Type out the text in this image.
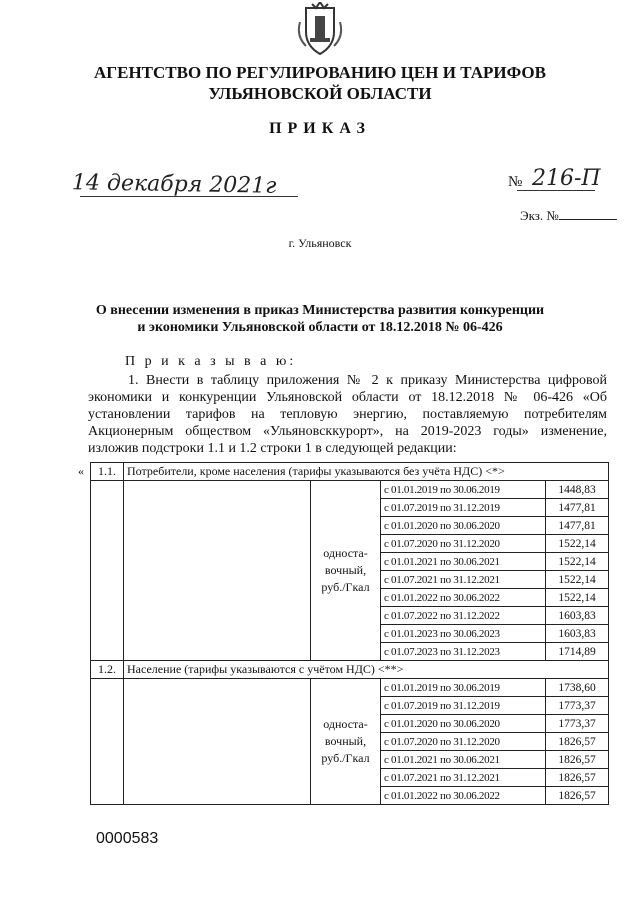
АГЕНТСТВО ПО РЕГУЛИРОВАНИЮ ЦЕН И ТАРИФОВ
УЛЬЯНОВСКОЙ ОБЛАСТИ
ПРИКАЗ
14 декабря 2021г	№ 216-П
Экз. №
г. Ульяновск
О внесении изменения в приказ Министерства развития конкуренции
и экономики Ульяновской области от 18.12.2018 № 06-426
П р и к а з ы в а ю:
1. Внести в таблицу приложения № 2 к приказу Министерства цифровой экономики и конкуренции Ульяновской области от 18.12.2018 № 06-426 «Об установлении тарифов на тепловую энергию, поставляемую потребителям Акционерным обществом «Ульяновсккурорт», на 2019-2023 годы» изменение, изложив подстроки 1.1 и 1.2 строки 1 в следующей редакции:
« 1.1.	Потребители, кроме населения (тарифы указываются без учёта НДС) <*>			
		односта-вочный, руб./Гкал	с 01.01.2019 по 30.06.2019	1448,83
			с 01.07.2019 по 31.12.2019	1477,81
			с 01.01.2020 по 30.06.2020	1477,81
			с 01.07.2020 по 31.12.2020	1522,14
			с 01.01.2021 по 30.06.2021	1522,14
			с 01.07.2021 по 31.12.2021	1522,14
			с 01.01.2022 по 30.06.2022	1522,14
			с 01.07.2022 по 31.12.2022	1603,83
			с 01.01.2023 по 30.06.2023	1603,83
			с 01.07.2023 по 31.12.2023	1714,89
1.2.	Население (тарифы указываются с учётом НДС) <**>			
		односта-вочный, руб./Гкал	с 01.01.2019 по 30.06.2019	1738,60
			с 01.07.2019 по 31.12.2019	1773,37
			с 01.01.2020 по 30.06.2020	1773,37
			с 01.07.2020 по 31.12.2020	1826,57
			с 01.01.2021 по 30.06.2021	1826,57
			с 01.07.2021 по 31.12.2021	1826,57
			с 01.01.2022 по 30.06.2022	1826,57
0000583
